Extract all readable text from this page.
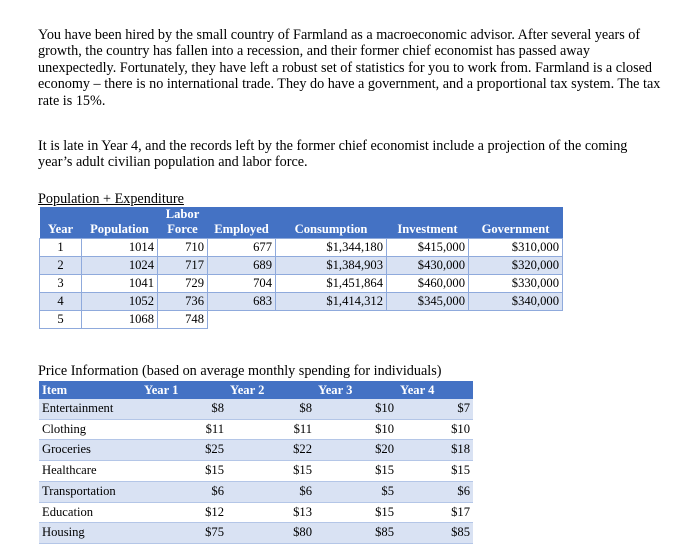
You have been hired by the small country of Farmland as a macroeconomic advisor. After several years of growth, the country has fallen into a recession, and their former chief economist has passed away unexpectedly. Fortunately, they have left a robust set of statistics for you to work from. Farmland is a closed economy – there is no international trade. They do have a government, and a proportional tax system. The tax rate is 15%.
It is late in Year 4, and the records left by the former chief economist include a projection of the coming year’s adult civilian population and labor force.
Population + Expenditure
Year	Population	Labor Force	Employed	Consumption	Investment	Government
1	1014	710	677	$1,344,180	$415,000	$310,000
2	1024	717	689	$1,384,903	$430,000	$320,000
3	1041	729	704	$1,451,864	$460,000	$330,000
4	1052	736	683	$1,414,312	$345,000	$340,000
5	1068	748				
Price Information (based on average monthly spending for individuals)
Item	Year 1	Year 2	Year 3	Year 4
Entertainment	$8	$8	$10	$7
Clothing	$11	$11	$10	$10
Groceries	$25	$22	$20	$18
Healthcare	$15	$15	$15	$15
Transportation	$6	$6	$5	$6
Education	$12	$13	$15	$17
Housing	$75	$80	$85	$85
